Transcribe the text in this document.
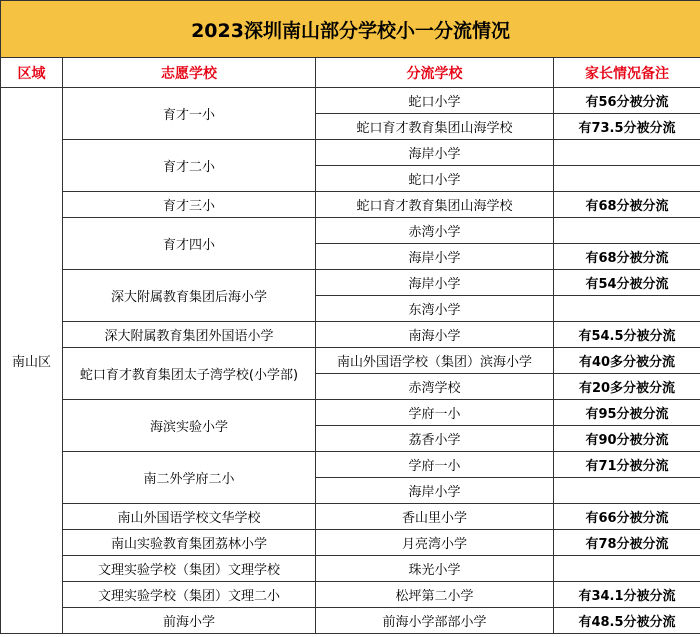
2023深圳南山部分学校小一分流情况			
区域	志愿学校	分流学校	家长情况备注
南山区	育才一小	蛇口小学	有56分被分流
		蛇口育才教育集团山海学校	有73.5分被分流
	育才二小	海岸小学	
		蛇口小学	
	育才三小	蛇口育才教育集团山海学校	有68分被分流
	育才四小	赤湾小学	
		海岸小学	有68分被分流
	深大附属教育集团后海小学	海岸小学	有54分被分流
		东湾小学	
	深大附属教育集团外国语小学	南海小学	有54.5分被分流
	蛇口育才教育集团太子湾学校(小学部)	南山外国语学校（集团）滨海小学	有40多分被分流
		赤湾学校	有20多分被分流
	海滨实验小学	学府一小	有95分被分流
		荔香小学	有90分被分流
	南二外学府二小	学府一小	有71分被分流
		海岸小学	
	南山外国语学校文华学校	香山里小学	有66分被分流
	南山实验教育集团荔林小学	月亮湾小学	有78分被分流
	文理实验学校（集团）文理学校	珠光小学	
	文理实验学校（集团）文理二小	松坪第二小学	有34.1分被分流
	前海小学	前海小学部部小学	有48.5分被分流
